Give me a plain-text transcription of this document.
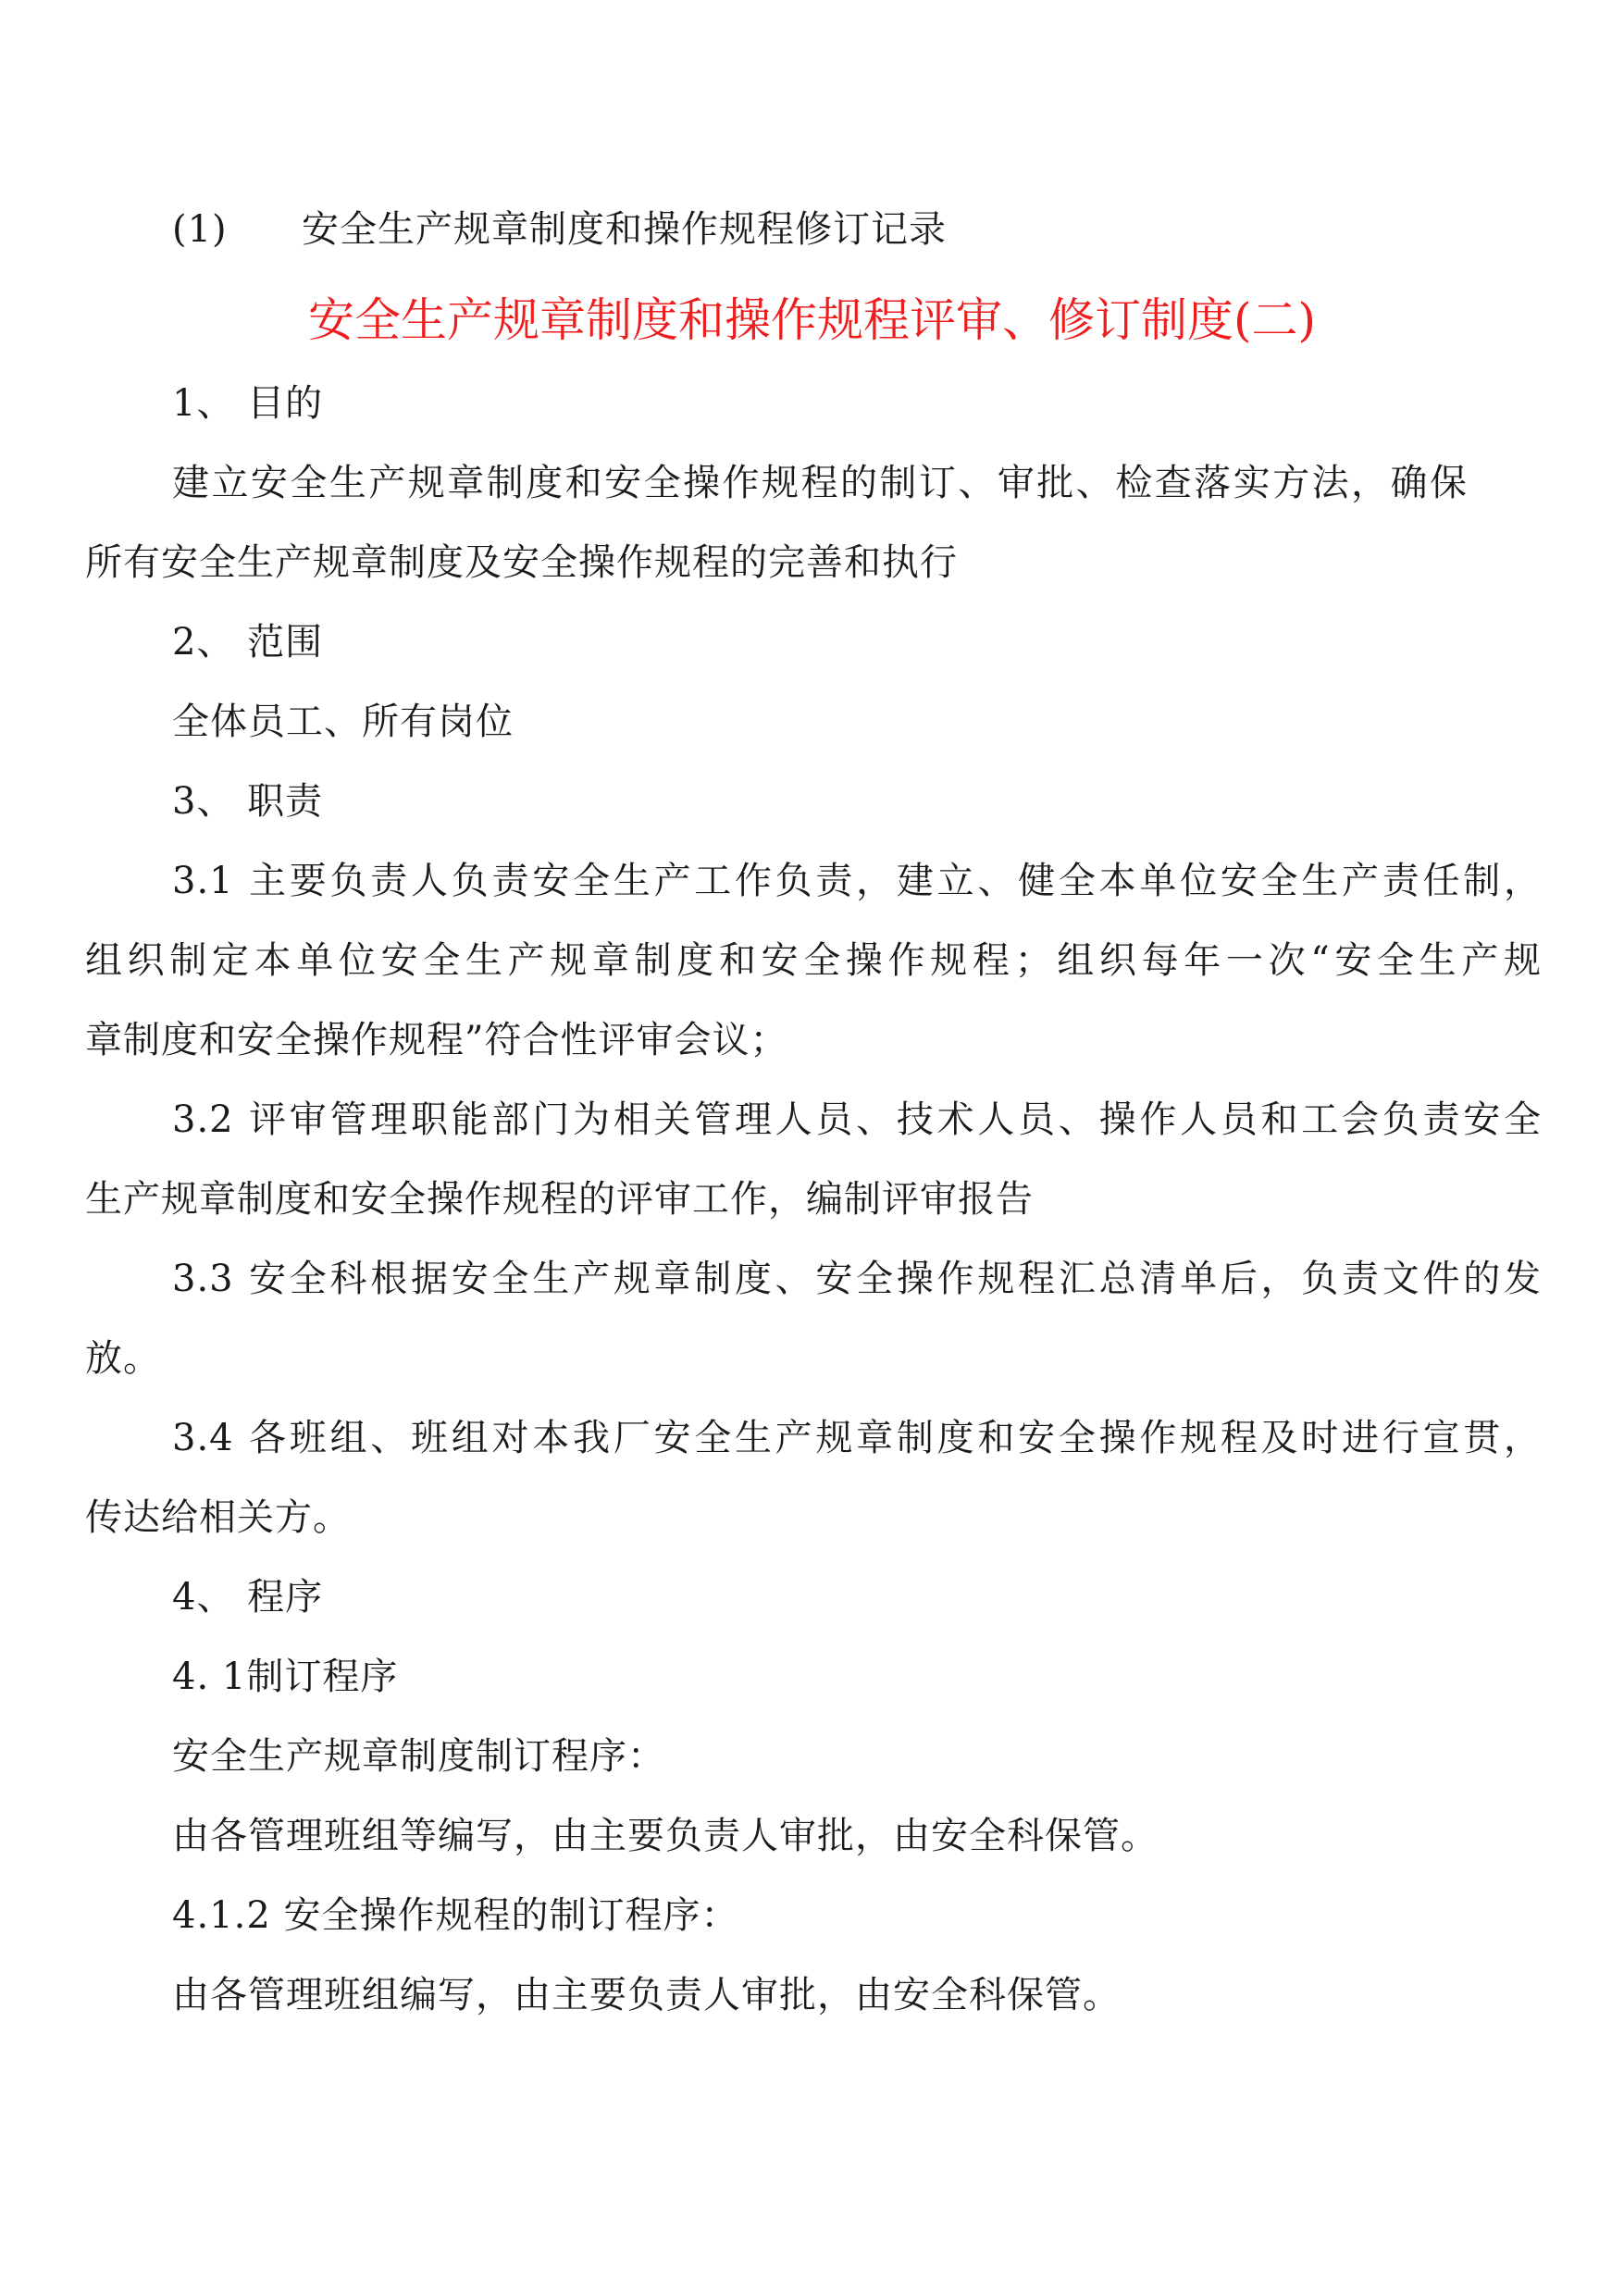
(1) 安全生产规章制度和操作规程修订记录
安全生产规章制度和操作规程评审、修订制度(二)
1、 目的
建立安全生产规章制度和安全操作规程的制订、审批、检查落实方法，确保
所有安全生产规章制度及安全操作规程的完善和执行
2、 范围
全体员工、所有岗位
3、 职责
3.1 主要负责人负责安全生产工作负责，建立、健全本单位安全生产责任制，
组织制定本单位安全生产规章制度和安全操作规程；组织每年一次“安全生产规
章制度和安全操作规程”符合性评审会议；
3.2 评审管理职能部门为相关管理人员、技术人员、操作人员和工会负责安全
生产规章制度和安全操作规程的评审工作，编制评审报告
3.3 安全科根据安全生产规章制度、安全操作规程汇总清单后，负责文件的发
放。
3.4 各班组、班组对本我厂安全生产规章制度和安全操作规程及时进行宣贯，
传达给相关方。
4、 程序
4. 1制订程序
安全生产规章制度制订程序：
由各管理班组等编写，由主要负责人审批，由安全科保管。
4.1.2 安全操作规程的制订程序：
由各管理班组编写，由主要负责人审批，由安全科保管。
